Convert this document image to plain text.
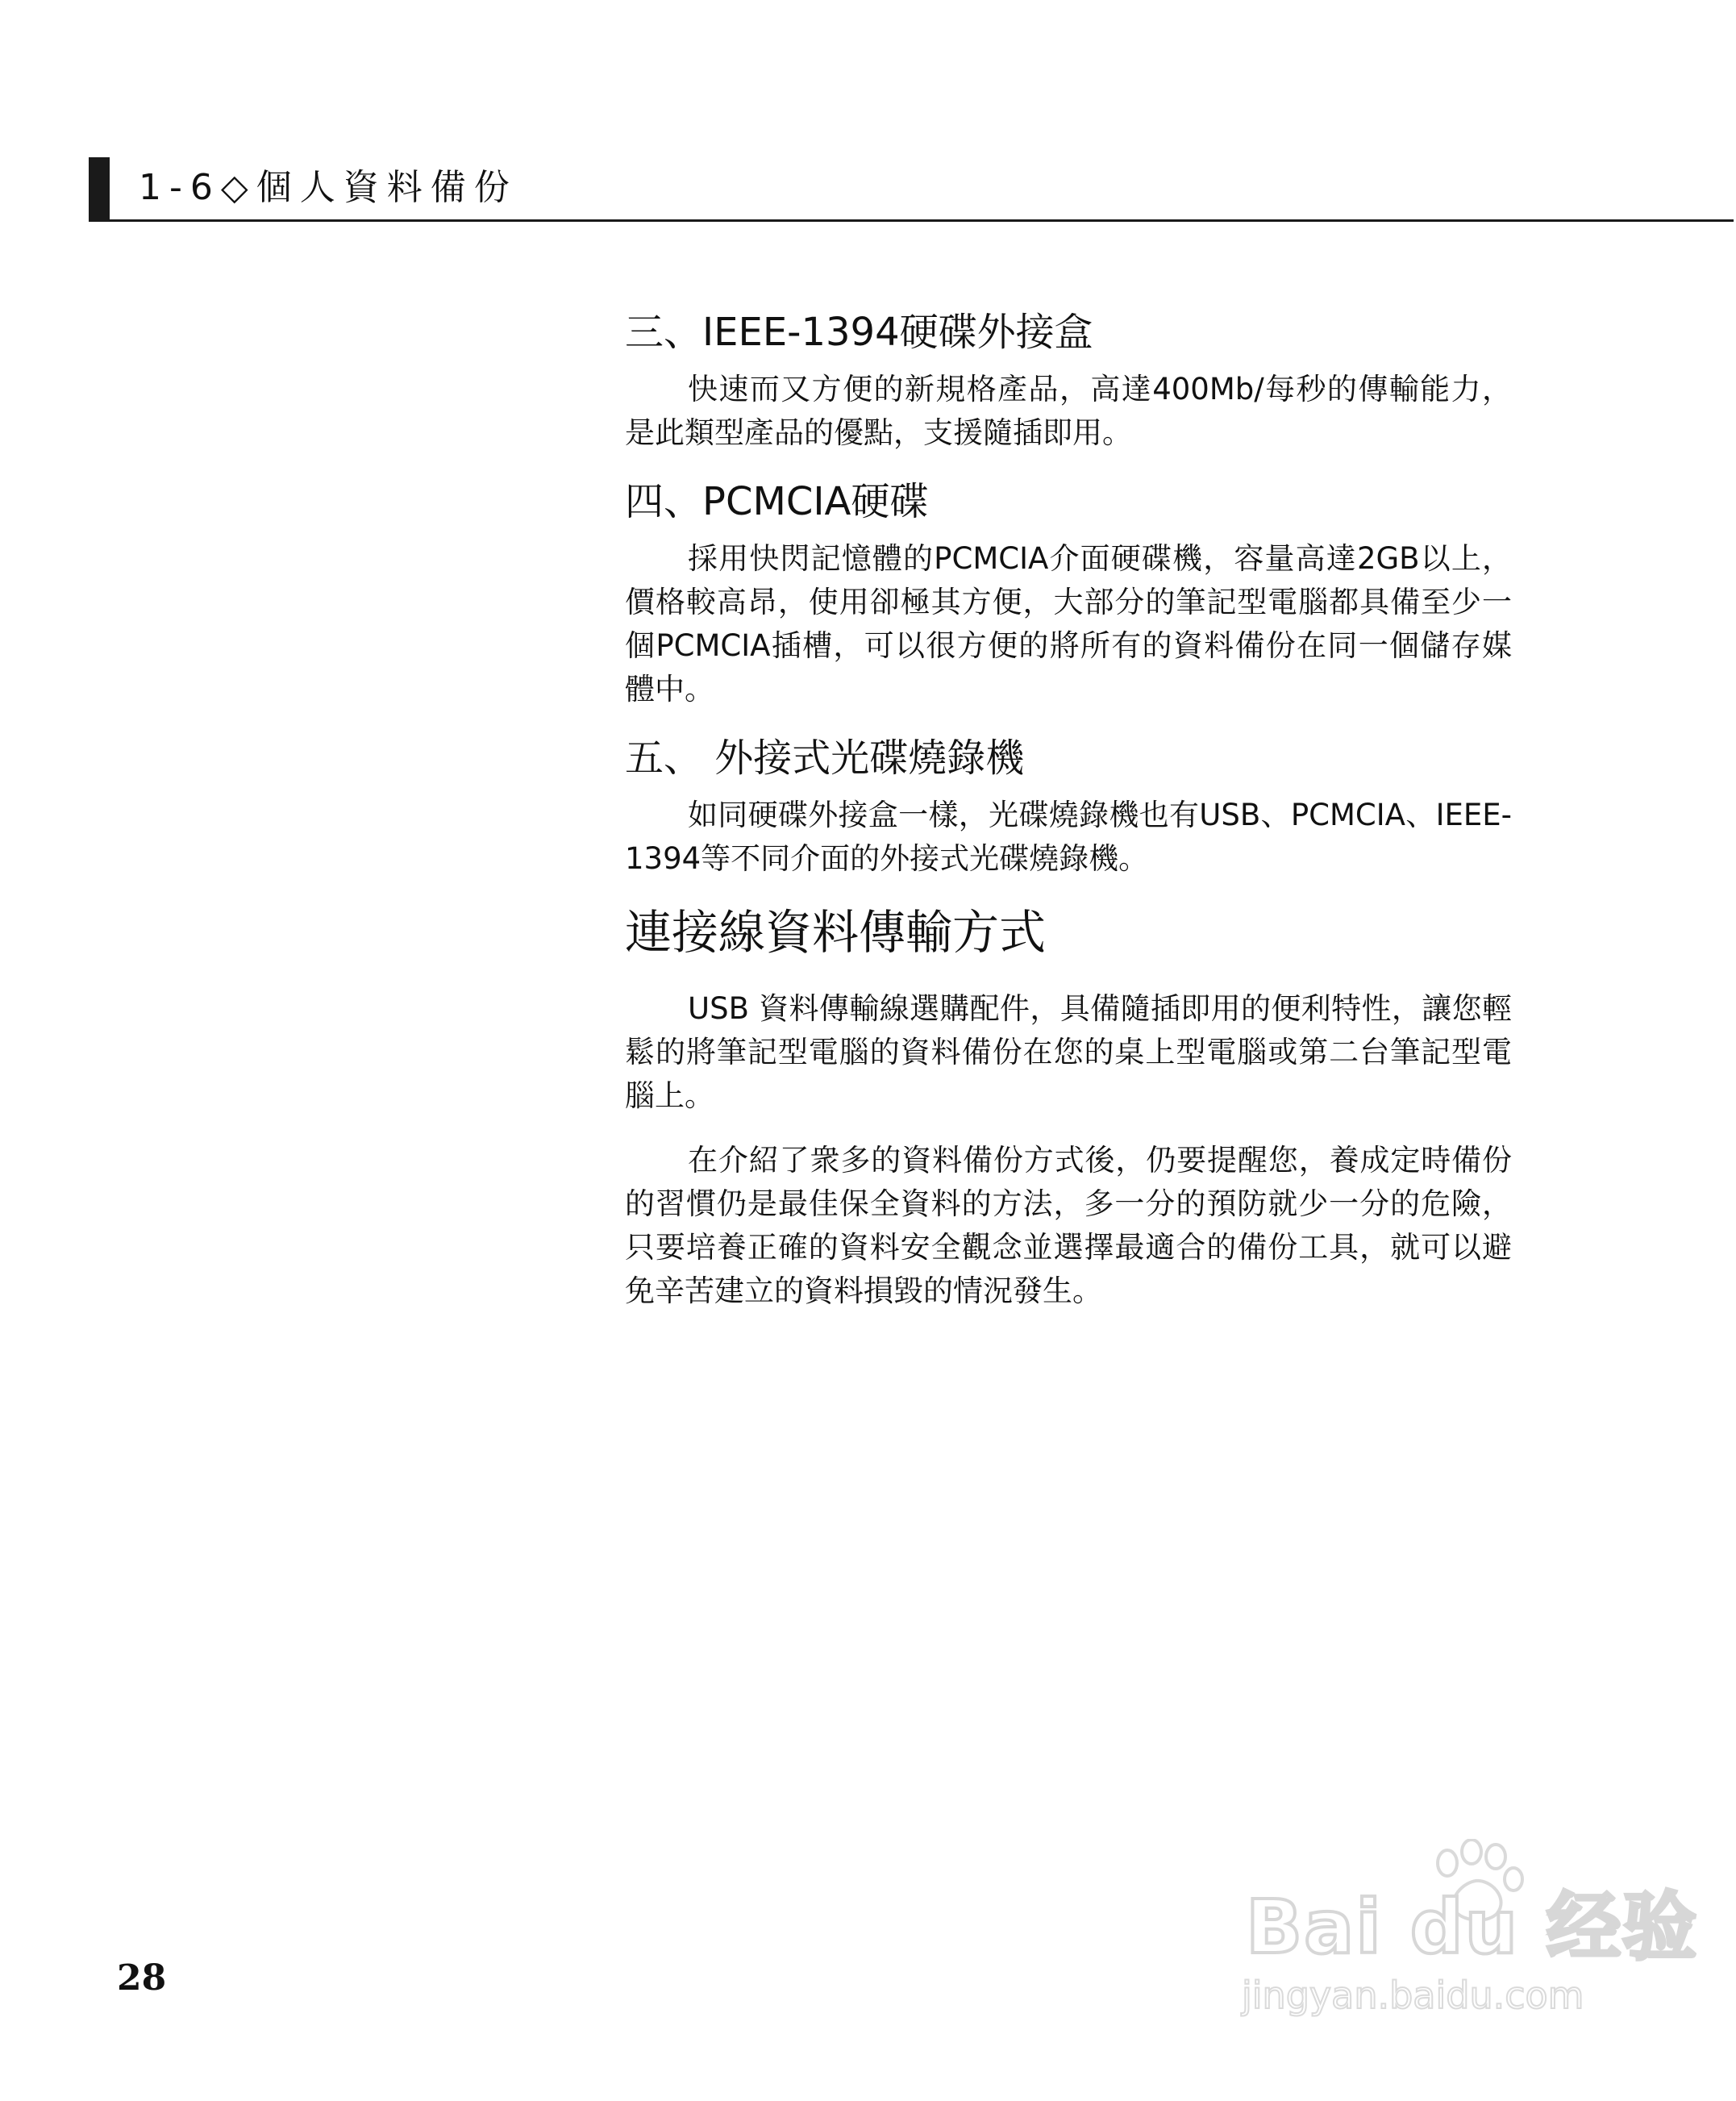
1-6◇個人資料備份
三、IEEE-1394硬碟外接盒

快速而又方便的新規格產品，高達400Mb/每秒的傳輸能力，是此類型產品的優點，支援隨插即用。

四、PCMCIA硬碟

採用快閃記憶體的PCMCIA介面硬碟機，容量高達2GB以上，價格較高昂，使用卻極其方便，大部分的筆記型電腦都具備至少一個PCMCIA插槽，可以很方便的將所有的資料備份在同一個儲存媒體中。

五、 外接式光碟燒錄機

如同硬碟外接盒一樣，光碟燒錄機也有USB、PCMCIA、IEEE-1394等不同介面的外接式光碟燒錄機。

連接線資料傳輸方式

USB 資料傳輸線選購配件，具備隨插即用的便利特性，讓您輕鬆的將筆記型電腦的資料備份在您的桌上型電腦或第二台筆記型電腦上。

在介紹了衆多的資料備份方式後，仍要提醒您，養成定時備份的習慣仍是最佳保全資料的方法，多一分的預防就少一分的危險，只要培養正確的資料安全觀念並選擇最適合的備份工具，就可以避免辛苦建立的資料損毀的情況發生。

28
Bai du 经验
jingyan.baidu.com
